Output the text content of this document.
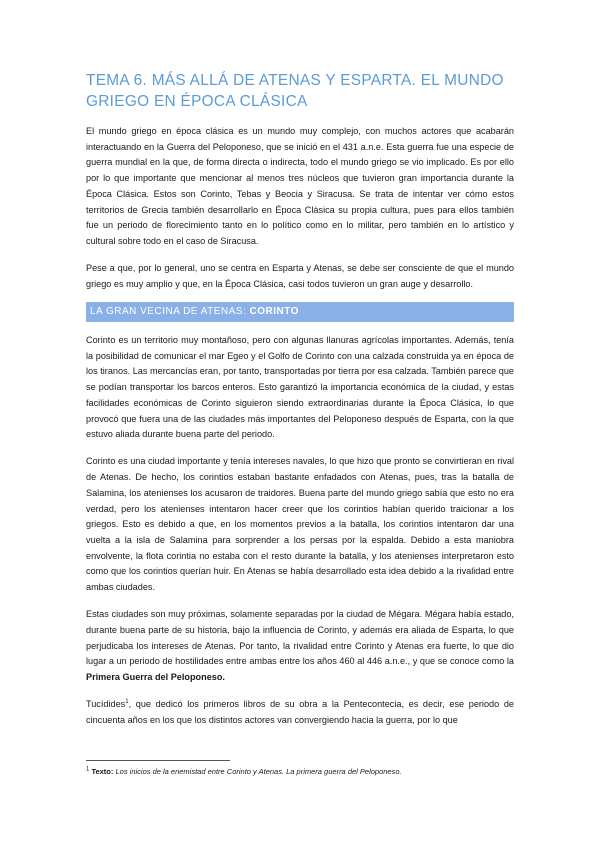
TEMA 6. MÁS ALLÁ DE ATENAS Y ESPARTA. EL MUNDO GRIEGO EN ÉPOCA CLÁSICA

El mundo griego en época clásica es un mundo muy complejo, con muchos actores que acabarán interactuando en la Guerra del Peloponeso, que se inició en el 431 a.n.e. Esta guerra fue una especie de guerra mundial en la que, de forma directa o indirecta, todo el mundo griego se vio implicado. Es por ello por lo que importante que mencionar al menos tres núcleos que tuvieron gran importancia durante la Época Clásica. Estos son Corinto, Tebas y Beocia y Siracusa. Se trata de intentar ver cómo estos territorios de Grecia también desarrollarlo en Época Clásica su propia cultura, pues para ellos también fue un periodo de florecimiento tanto en lo político como en lo militar, pero también en lo artístico y cultural sobre todo en el caso de Siracusa.

Pese a que, por lo general, uno se centra en Esparta y Atenas, se debe ser consciente de que el mundo griego es muy amplio y que, en la Época Clásica, casi todos tuvieron un gran auge y desarrollo.

LA GRAN VECINA DE ATENAS: CORINTO

Corinto es un territorio muy montañoso, pero con algunas llanuras agrícolas importantes. Además, tenía la posibilidad de comunicar el mar Egeo y el Golfo de Corinto con una calzada construida ya en época de los tiranos. Las mercancías eran, por tanto, transportadas por tierra por esa calzada. También parece que se podían transportar los barcos enteros. Esto garantizó la importancia económica de la ciudad, y estas facilidades económicas de Corinto siguieron siendo extraordinarias durante la Época Clásica, lo que provocó que fuera una de las ciudades más importantes del Peloponeso después de Esparta, con la que estuvo aliada durante buena parte del periodo.

Corinto es una ciudad importante y tenía intereses navales, lo que hizo que pronto se convirtieran en rival de Atenas. De hecho, los corintios estaban bastante enfadados con Atenas, pues, tras la batalla de Salamina, los atenienses los acusaron de traidores. Buena parte del mundo griego sabía que esto no era verdad, pero los atenienses intentaron hacer creer que los corintios habían querido traicionar a los griegos. Esto es debido a que, en los momentos previos a la batalla, los corintios intentaron dar una vuelta a la isla de Salamina para sorprender a los persas por la espalda. Debido a esta maniobra envolvente, la flota corintia no estaba con el resto durante la batalla, y los atenienses interpretaron esto como que los corintios querían huir. En Atenas se había desarrollado esta idea debido a la rivalidad entre ambas ciudades.

Estas ciudades son muy próximas, solamente separadas por la ciudad de Mégara. Mégara había estado, durante buena parte de su historia, bajo la influencia de Corinto, y además era aliada de Esparta, lo que perjudicaba los intereses de Atenas. Por tanto, la rivalidad entre Corinto y Atenas era fuerte, lo que dio lugar a un periodo de hostilidades entre ambas entre los años 460 al 446 a.n.e., y que se conoce como la Primera Guerra del Peloponeso.

Tucídides$^1$, que dedicó los primeros libros de su obra a la Pentecontecia, es decir, ese periodo de cincuenta años en los que los distintos actores van convergiendo hacia la guerra, por lo que

$^1$ Texto: Los inicios de la enemistad entre Corinto y Atenas. La primera guerra del Peloponeso.
